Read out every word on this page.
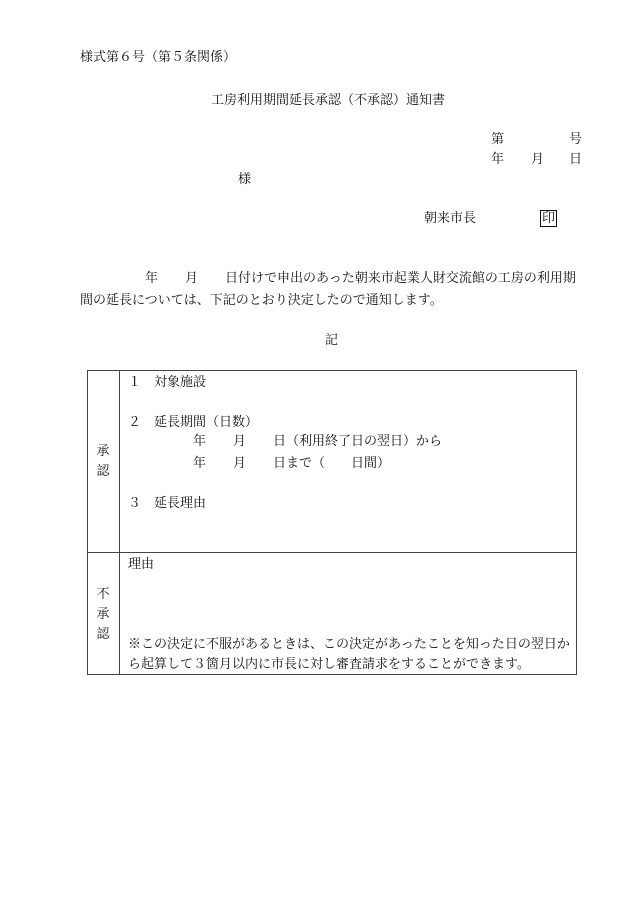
様式第６号（第５条関係）
工房利用期間延長承認（不承認）通知書
第	号
年 月 日
様
朝来市長	印
年 月 日付けで申出のあった朝来市起業人財交流館の工房の利用期
間の延長については、下記のとおり決定したので通知します。
記
承
認
１　対象施設
２　延長期間（日数）
年 月 日（利用終了日の翌日）から
年 月 日まで（　　日間）
３　延長理由
不
承
認
理由
※この決定に不服があるときは、この決定があったことを知った日の翌日か
ら起算して３箇月以内に市長に対し審査請求をすることができます。
